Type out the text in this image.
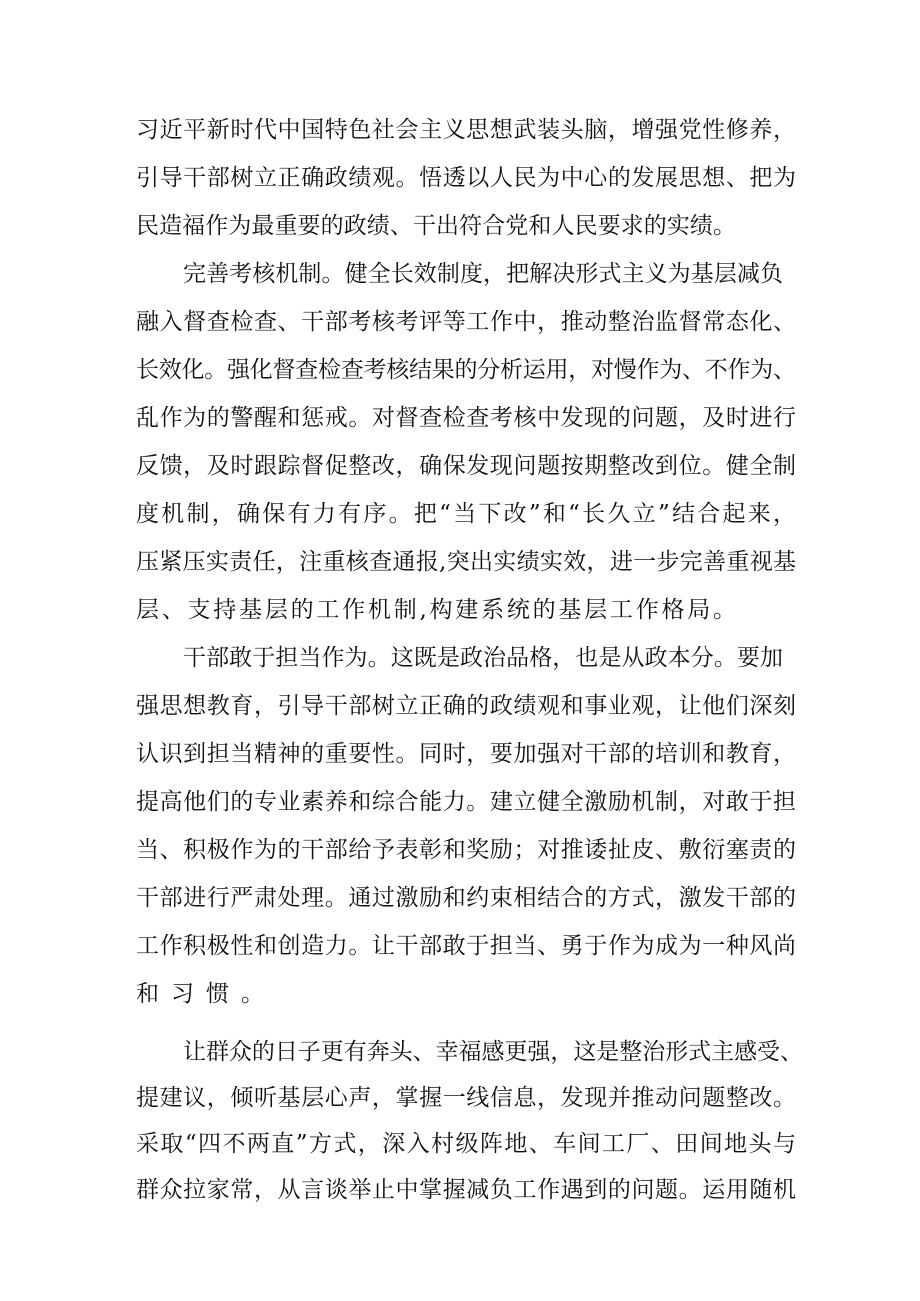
习近平新时代中国特色社会主义思想武装头脑，增强党性修养，
引导干部树立正确政绩观。悟透以人民为中心的发展思想、把为
民造福作为最重要的政绩、干出符合党和人民要求的实绩。
完善考核机制。健全长效制度，把解决形式主义为基层减负
融入督查检查、干部考核考评等工作中，推动整治监督常态化、
长效化。强化督查检查考核结果的分析运用，对慢作为、不作为、
乱作为的警醒和惩戒。对督查检查考核中发现的问题，及时进行
反馈，及时跟踪督促整改，确保发现问题按期整改到位。健全制
度机制，确保有力有序。把“当下改”和“长久立”结合起来，
压紧压实责任，注重核查通报,突出实绩实效，进一步完善重视基
层、支持基层的工作机制,构建系统的基层工作格局。
干部敢于担当作为。这既是政治品格，也是从政本分。要加
强思想教育，引导干部树立正确的政绩观和事业观，让他们深刻
认识到担当精神的重要性。同时，要加强对干部的培训和教育，
提高他们的专业素养和综合能力。建立健全激励机制，对敢于担
当、积极作为的干部给予表彰和奖励；对推诿扯皮、敷衍塞责的
干部进行严肃处理。通过激励和约束相结合的方式，激发干部的
工作积极性和创造力。让干部敢于担当、勇于作为成为一种风尚
和习惯。
让群众的日子更有奔头、幸福感更强，这是整治形式主感受、
提建议，倾听基层心声，掌握一线信息，发现并推动问题整改。
采取“四不两直”方式，深入村级阵地、车间工厂、田间地头与
群众拉家常，从言谈举止中掌握减负工作遇到的问题。运用随机
